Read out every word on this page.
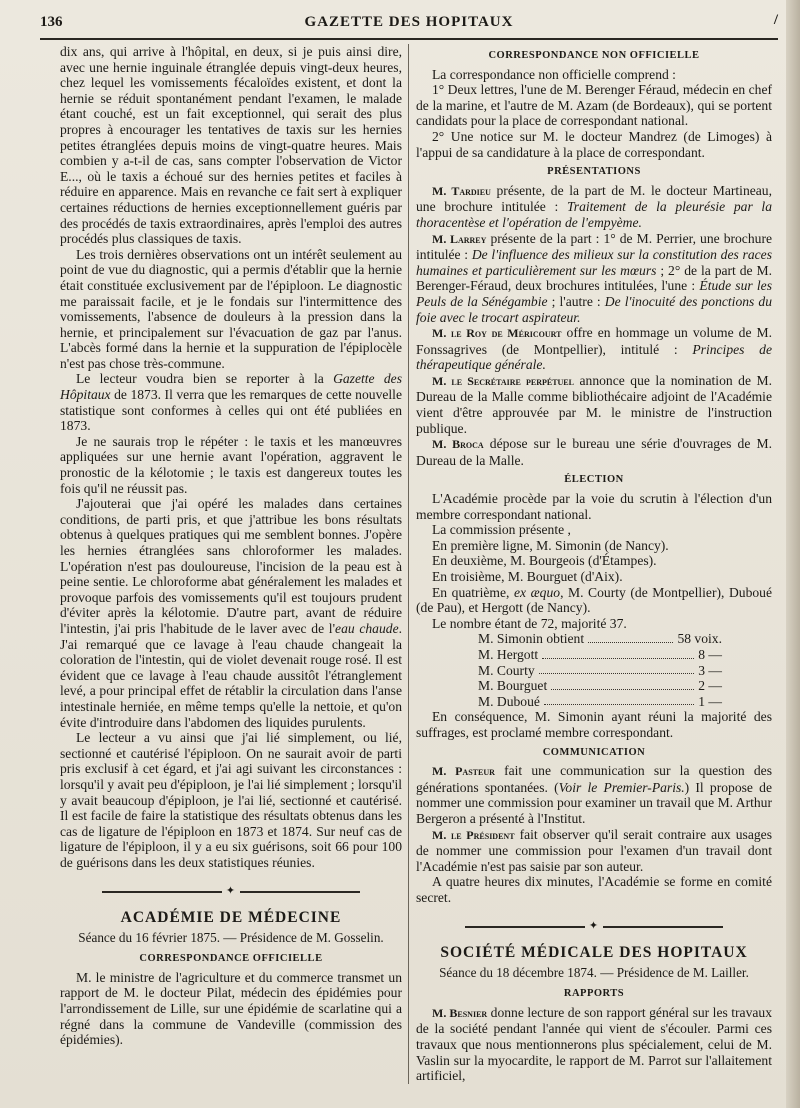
136	GAZETTE DES HOPITAUX	/

dix ans, qui arrive à l'hôpital, en deux, si je puis ainsi dire, avec une hernie inguinale étranglée depuis vingt-deux heures, chez lequel les vomissements fécaloïdes existent, et dont la hernie se réduit spontanément pendant l'examen, le malade étant couché, est un fait exceptionnel, qui serait des plus propres à encourager les tentatives de taxis sur les hernies petites étranglées depuis moins de vingt-quatre heures. Mais combien y a-t-il de cas, sans compter l'observation de Victor E..., où le taxis a échoué sur des hernies petites et faciles à réduire en apparence. Mais en revanche ce fait sert à expliquer certaines réductions de hernies exceptionnellement guéris par des procédés de taxis extraordinaires, après l'emploi des autres procédés plus classiques de taxis.

Les trois dernières observations ont un intérêt seulement au point de vue du diagnostic, qui a permis d'établir que la hernie était constituée exclusivement par de l'épiploon. Le diagnostic me paraissait facile, et je le fondais sur l'intermittence des vomissements, l'absence de douleurs à la pression dans la hernie, et principalement sur l'évacuation de gaz par l'anus. L'abcès formé dans la hernie et la suppuration de l'épiplocèle n'est pas chose très-commune.

Le lecteur voudra bien se reporter à la Gazette des Hôpitaux de 1873. Il verra que les remarques de cette nouvelle statistique sont conformes à celles qui ont été publiées en 1873.

Je ne saurais trop le répéter : le taxis et les manœuvres appliquées sur une hernie avant l'opération, aggravent le pronostic de la kélotomie ; le taxis est dangereux toutes les fois qu'il ne réussit pas.

J'ajouterai que j'ai opéré les malades dans certaines conditions, de parti pris, et que j'attribue les bons résultats obtenus à quelques pratiques qui me semblent bonnes. J'opère les hernies étranglées sans chloroformer les malades. L'opération n'est pas douloureuse, l'incision de la peau est à peine sentie. Le chloroforme abat généralement les malades et provoque parfois des vomissements qu'il est toujours prudent d'éviter après la kélotomie. D'autre part, avant de réduire l'intestin, j'ai pris l'habitude de le laver avec de l'eau chaude. J'ai remarqué que ce lavage à l'eau chaude changeait la coloration de l'intestin, qui de violet devenait rouge rosé. Il est évident que ce lavage à l'eau chaude aussitôt l'étranglement levé, a pour principal effet de rétablir la circulation dans l'anse intestinale herniée, en même temps qu'elle la nettoie, et qu'on évite d'introduire dans l'abdomen des liquides purulents.

Le lecteur a vu ainsi que j'ai lié simplement, ou lié, sectionné et cautérisé l'épiploon. On ne saurait avoir de parti pris exclusif à cet égard, et j'ai agi suivant les circonstances : lorsqu'il y avait peu d'épiploon, je l'ai lié simplement ; lorsqu'il y avait beaucoup d'épiploon, je l'ai lié, sectionné et cautérisé. Il est facile de faire la statistique des résultats obtenus dans les cas de ligature de l'épiploon en 1873 et 1874. Sur neuf cas de ligature de l'épiploon, il y a eu six guérisons, soit 66 pour 100 de guérisons dans les deux statistiques réunies.

✦
ACADÉMIE DE MÉDECINE
Séance du 16 février 1875. — Présidence de M. Gosselin.
CORRESPONDANCE OFFICIELLE

M. le ministre de l'agriculture et du commerce transmet un rapport de M. le docteur Pilat, médecin des épidémies pour l'arrondissement de Lille, sur une épidémie de scarlatine qui a régné dans la commune de Vandeville (commission des épidémies).

CORRESPONDANCE NON OFFICIELLE

La correspondance non officielle comprend :

1° Deux lettres, l'une de M. Berenger Féraud, médecin en chef de la marine, et l'autre de M. Azam (de Bordeaux), qui se portent candidats pour la place de correspondant national.

2° Une notice sur M. le docteur Mandrez (de Limoges) à l'appui de sa candidature à la place de correspondant.

PRÉSENTATIONS

M. Tardieu présente, de la part de M. le docteur Martineau, une brochure intitulée : Traitement de la pleurésie par la thoracentèse et l'opération de l'empyème.

M. Larrey présente de la part : 1° de M. Perrier, une brochure intitulée : De l'influence des milieux sur la constitution des races humaines et particulièrement sur les mœurs ; 2° de la part de M. Berenger-Féraud, deux brochures intitulées, l'une : Étude sur les Peuls de la Sénégambie ; l'autre : De l'inocuité des ponctions du foie avec le trocart aspirateur.

M. le Roy de Méricourt offre en hommage un volume de M. Fonssagrives (de Montpellier), intitulé : Principes de thérapeutique générale.

M. le Secrétaire perpétuel annonce que la nomination de M. Dureau de la Malle comme bibliothécaire adjoint de l'Académie vient d'être approuvée par M. le ministre de l'instruction publique.

M. Broca dépose sur le bureau une série d'ouvrages de M. Dureau de la Malle.

ÉLECTION

L'Académie procède par la voie du scrutin à l'élection d'un membre correspondant national.

La commission présente ,

En première ligne, M. Simonin (de Nancy).

En deuxième, M. Bourgeois (d'Étampes).

En troisième, M. Bourguet (d'Aix).

En quatrième, ex æquo, M. Courty (de Montpellier), Duboué (de Pau), et Hergott (de Nancy).

Le nombre étant de 72, majorité 37.

M. Simonin obtient	58 voix.
M. Hergott	8 —
M. Courty	3 —
M. Bourguet	2 —
M. Duboué	1 —

En conséquence, M. Simonin ayant réuni la majorité des suffrages, est proclamé membre correspondant.

COMMUNICATION

M. Pasteur fait une communication sur la question des générations spontanées. (Voir le Premier-Paris.) Il propose de nommer une commission pour examiner un travail que M. Arthur Bergeron a présenté à l'Institut.

M. le Président fait observer qu'il serait contraire aux usages de nommer une commission pour l'examen d'un travail dont l'Académie n'est pas saisie par son auteur.

A quatre heures dix minutes, l'Académie se forme en comité secret.

✦
SOCIÉTÉ MÉDICALE DES HOPITAUX
Séance du 18 décembre 1874. — Présidence de M. Lailler.
RAPPORTS

M. Besnier donne lecture de son rapport général sur les travaux de la société pendant l'année qui vient de s'écouler. Parmi ces travaux que nous mentionnerons plus spécialement, celui de M. Vaslin sur la myocardite, le rapport de M. Parrot sur l'allaitement artificiel,
